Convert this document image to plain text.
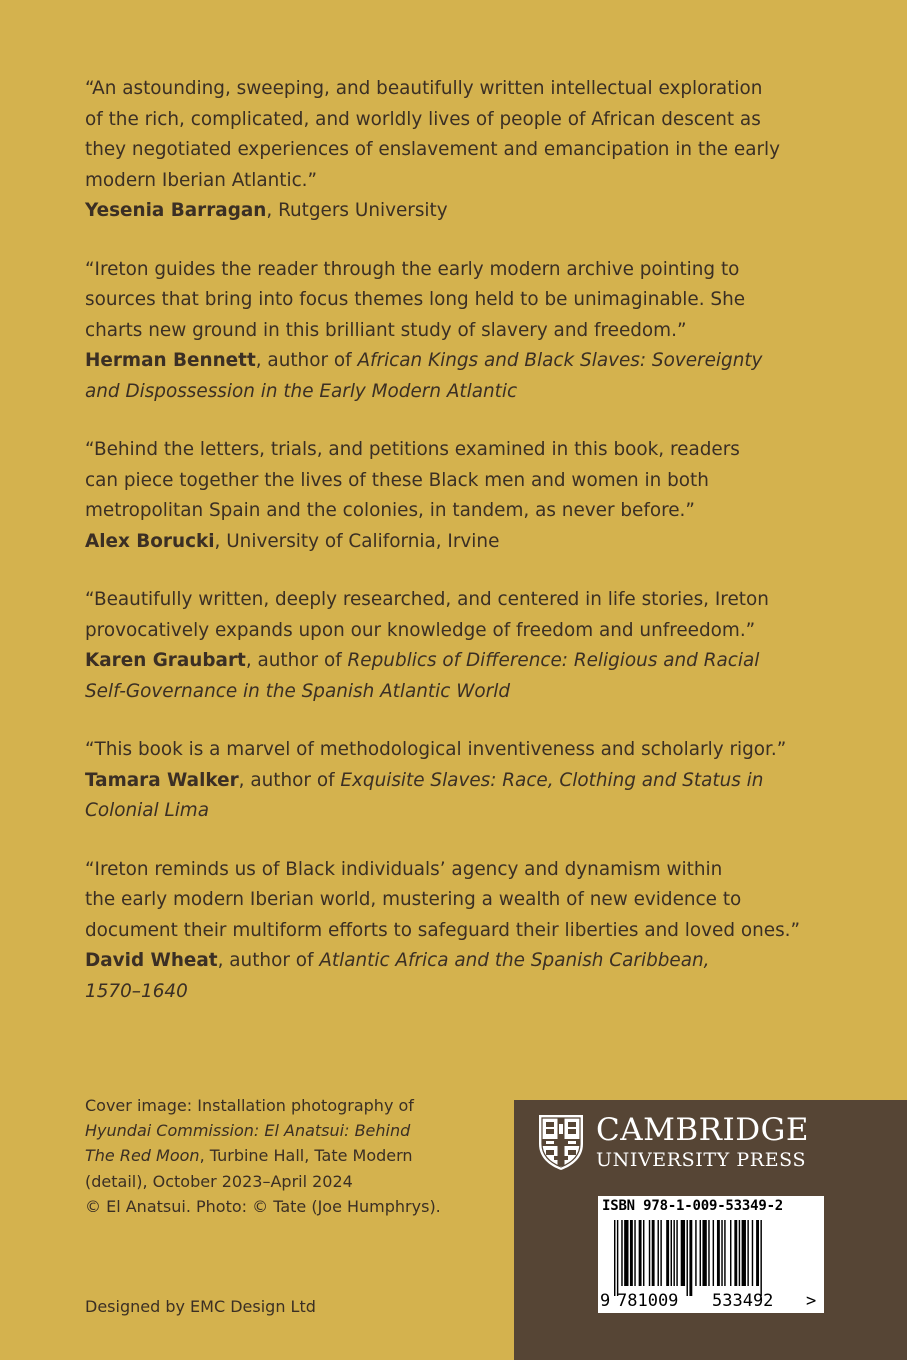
“An astounding, sweeping, and beautifully written intellectual exploration
of the rich, complicated, and worldly lives of people of African descent as
they negotiated experiences of enslavement and emancipation in the early
modern Iberian Atlantic.”

Yesenia Barragan, Rutgers University

“Ireton guides the reader through the early modern archive pointing to
sources that bring into focus themes long held to be unimaginable. She
charts new ground in this brilliant study of slavery and freedom.”

Herman Bennett, author of African Kings and Black Slaves: Sovereignty
and Dispossession in the Early Modern Atlantic

“Behind the letters, trials, and petitions examined in this book, readers
can piece together the lives of these Black men and women in both
metropolitan Spain and the colonies, in tandem, as never before.”

Alex Borucki, University of California, Irvine

“Beautifully written, deeply researched, and centered in life stories, Ireton
provocatively expands upon our knowledge of freedom and unfreedom.”

Karen Graubart, author of Republics of Difference: Religious and Racial
Self-Governance in the Spanish Atlantic World

“This book is a marvel of methodological inventiveness and scholarly rigor.”

Tamara Walker, author of Exquisite Slaves: Race, Clothing and Status in
Colonial Lima

“Ireton reminds us of Black individuals’ agency and dynamism within
the early modern Iberian world, mustering a wealth of new evidence to
document their multiform efforts to safeguard their liberties and loved ones.”

David Wheat, author of Atlantic Africa and the Spanish Caribbean,
1570–1640

Cover image: Installation photography of

Hyundai Commission: El Anatsui: Behind

The Red Moon, Turbine Hall, Tate Modern

(detail), October 2023–April 2024

© El Anatsui. Photo: © Tate (Joe Humphrys).

Designed by EMC Design Ltd

CAMBRIDGE
UNIVERSITY PRESS
ISBN 978-1-009-53349-2
9 781009 533492 >
